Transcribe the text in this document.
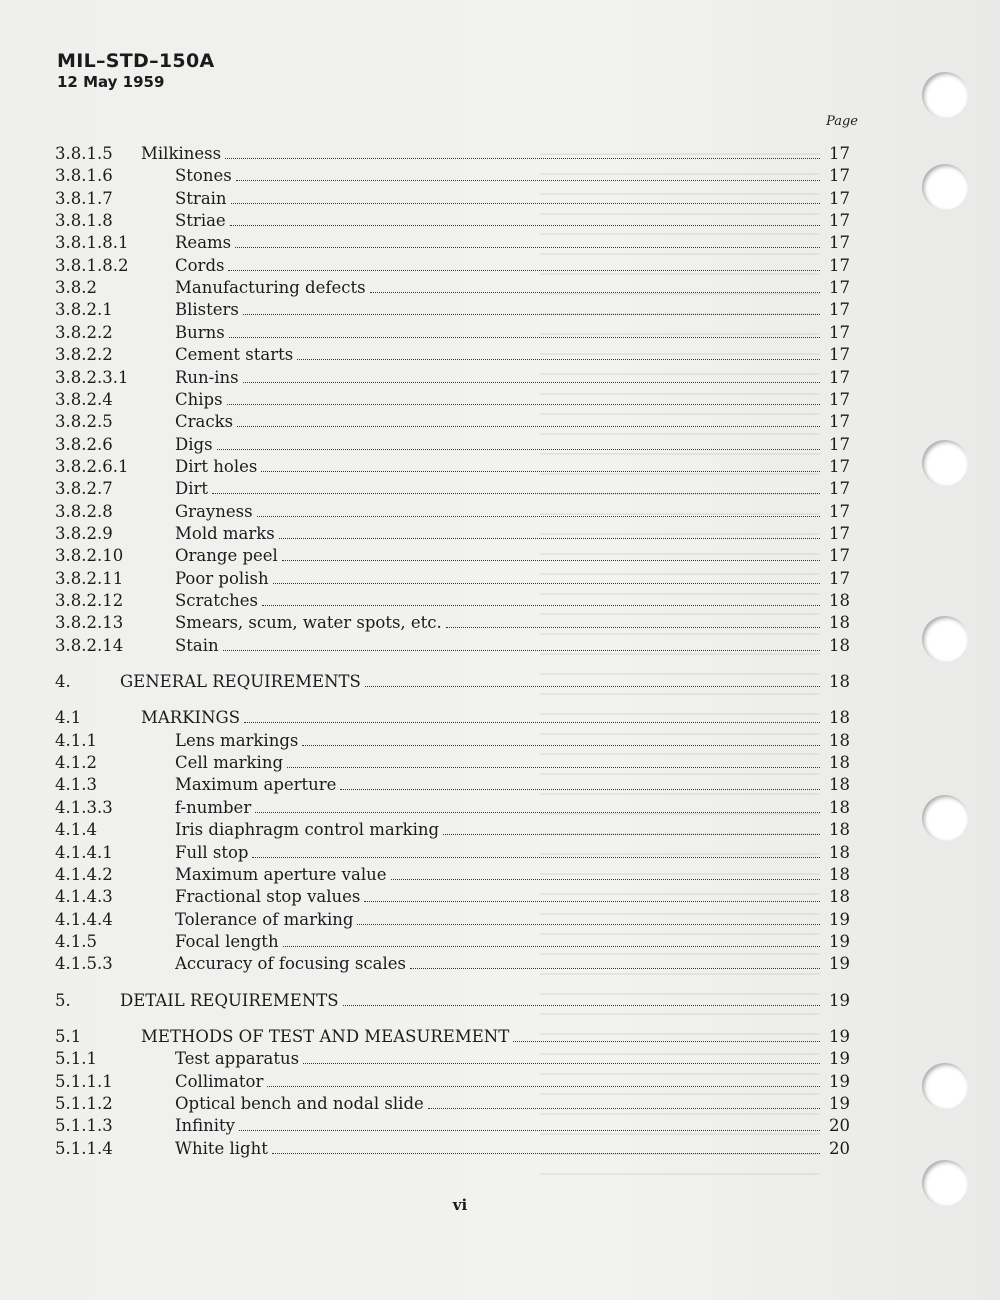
MIL–STD–150A
12 May 1959
Page
3.8.1.5	Milkiness	17
3.8.1.6	Stones	17
3.8.1.7	Strain	17
3.8.1.8	Striae	17
3.8.1.8.1	Reams	17
3.8.1.8.2	Cords	17
3.8.2	Manufacturing defects	17
3.8.2.1	Blisters	17
3.8.2.2	Burns	17
3.8.2.2	Cement starts	17
3.8.2.3.1	Run-ins	17
3.8.2.4	Chips	17
3.8.2.5	Cracks	17
3.8.2.6	Digs	17
3.8.2.6.1	Dirt holes	17
3.8.2.7	Dirt	17
3.8.2.8	Grayness	17
3.8.2.9	Mold marks	17
3.8.2.10	Orange peel	17
3.8.2.11	Poor polish	17
3.8.2.12	Scratches	18
3.8.2.13	Smears, scum, water spots, etc.	18
3.8.2.14	Stain	18
4.	GENERAL REQUIREMENTS	18
4.1	MARKINGS	18
4.1.1	Lens markings	18
4.1.2	Cell marking	18
4.1.3	Maximum aperture	18
4.1.3.3	f-number	18
4.1.4	Iris diaphragm control marking	18
4.1.4.1	Full stop	18
4.1.4.2	Maximum aperture value	18
4.1.4.3	Fractional stop values	18
4.1.4.4	Tolerance of marking	19
4.1.5	Focal length	19
4.1.5.3	Accuracy of focusing scales	19
5.	DETAIL REQUIREMENTS	19
5.1	METHODS OF TEST AND MEASUREMENT	19
5.1.1	Test apparatus	19
5.1.1.1	Collimator	19
5.1.1.2	Optical bench and nodal slide	19
5.1.1.3	Infinity	20
5.1.1.4	White light	20
vi
